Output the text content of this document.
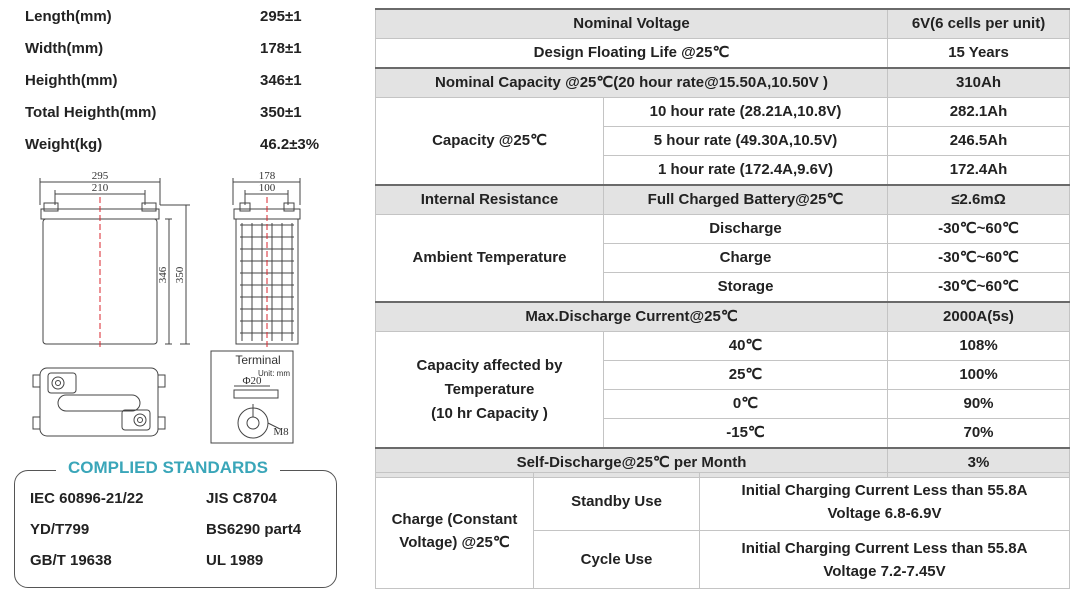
Length(mm)	295±1
Width(mm)	178±1
Heighth(mm)	346±1
Total Heighth(mm)	350±1
Weight(kg)	46.2±3%
295
210
346 350
178
100
Terminal
Unit: mm
Φ20
M8
COMPLIED STANDARDS
IEC 60896-21/22	JIS C8704
YD/T799	BS6290 part4
GB/T 19638	UL 1989
Nominal Voltage		6V(6 cells per unit)
Design Floating Life @25℃		15 Years
Nominal Capacity @25℃(20 hour rate@15.50A,10.50V )		310Ah
Capacity @25℃	10 hour rate (28.21A,10.8V)	282.1Ah
	5 hour rate (49.30A,10.5V)	246.5Ah
	1 hour rate (172.4A,9.6V)	172.4Ah
Internal Resistance	Full Charged Battery@25℃	≤2.6mΩ
Ambient Temperature	Discharge	-30℃~60℃
	Charge	-30℃~60℃
	Storage	-30℃~60℃
Max.Discharge Current@25℃		2000A(5s)

Capacity affected by
Temperature
(10 hr Capacity )	40℃	108%
	25℃	100%
	0℃	90%
	-15℃	70%
Self-Discharge@25℃ per Month		3%
Charge (Constant
Voltage) @25℃	Standby Use	Initial Charging Current Less than 55.8A
Voltage 6.8-6.9V

	Cycle Use	Initial Charging Current Less than 55.8A
Voltage 7.2-7.45V
